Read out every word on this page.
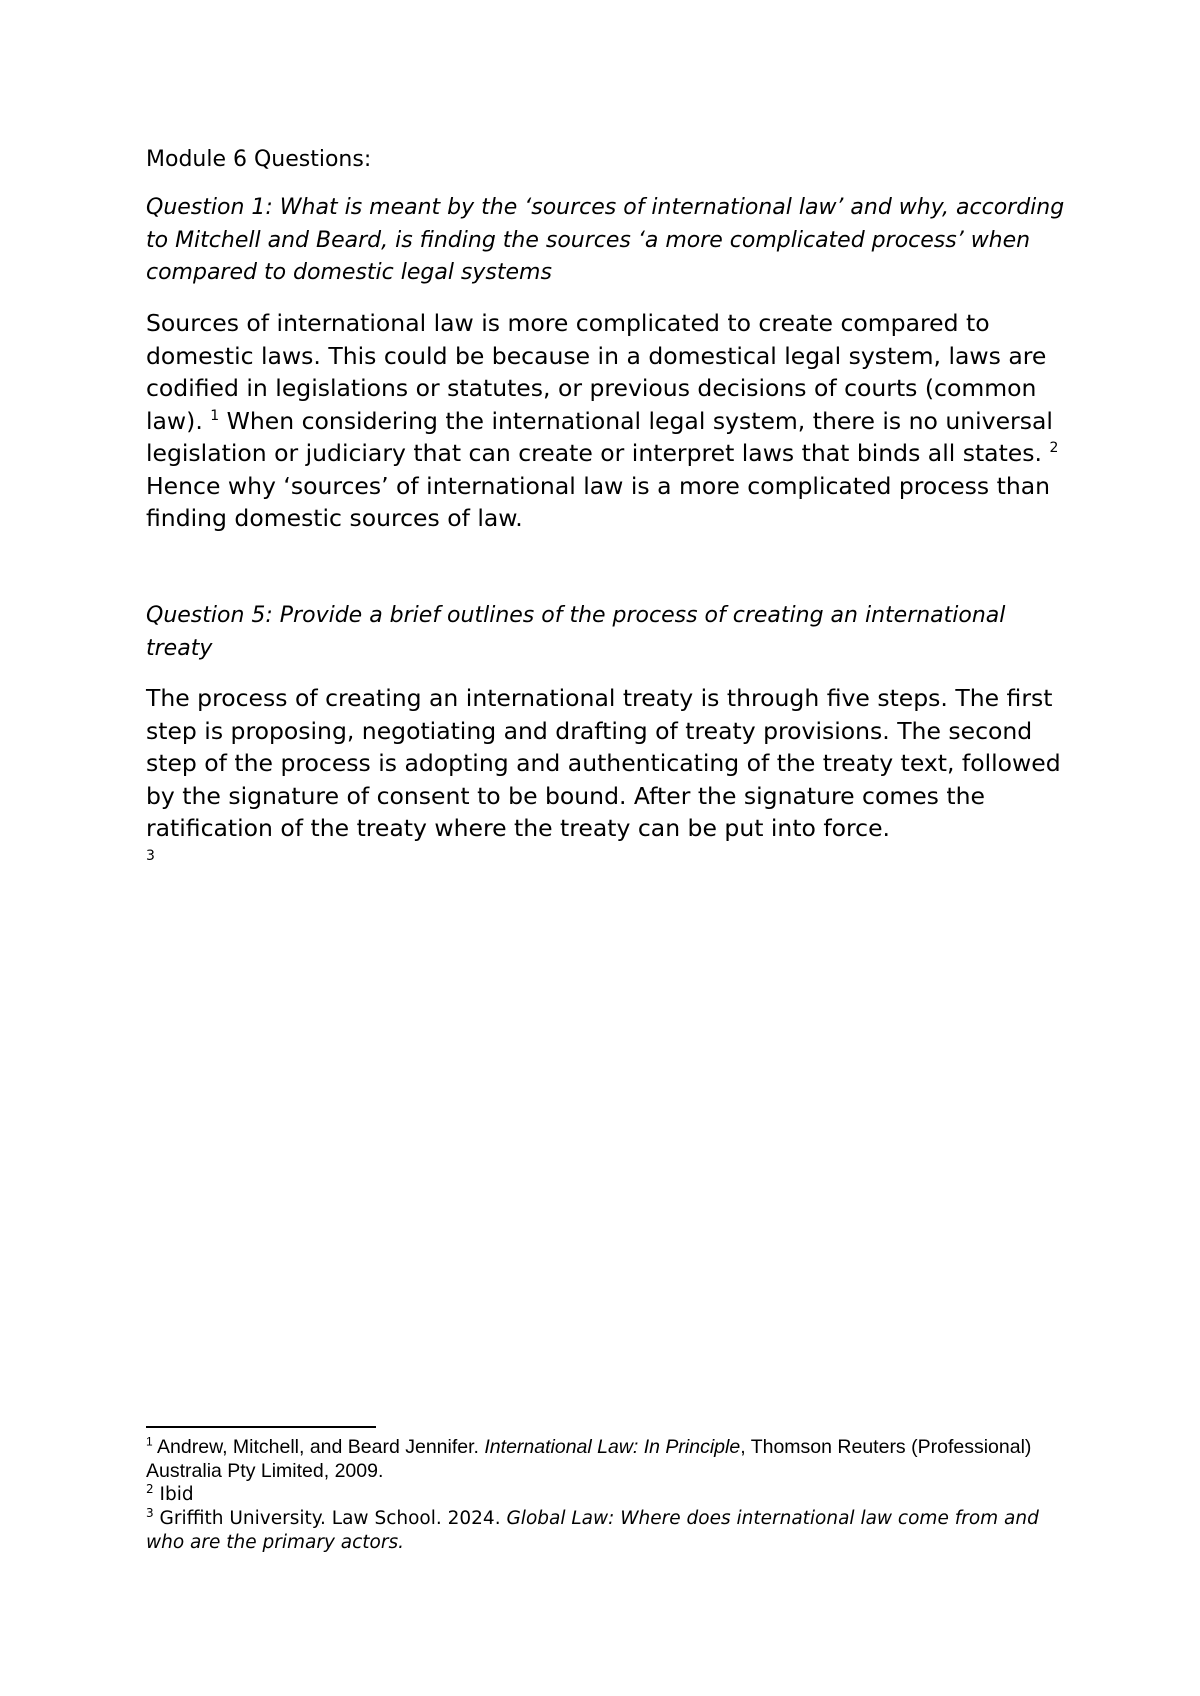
Module 6 Questions:

Question 1: What is meant by the ‘sources of international law’ and why, according to Mitchell and Beard, is finding the sources ‘a more complicated process’ when compared to domestic legal systems

Sources of international law is more complicated to create compared to domestic laws. This could be because in a domestical legal system, laws are codified in legislations or statutes, or previous decisions of courts (common law). $^1$ When considering the international legal system, there is no universal legislation or judiciary that can create or interpret laws that binds all states. $^2$ Hence why ‘sources’ of international law is a more complicated process than finding domestic sources of law.

Question 5: Provide a brief outlines of the process of creating an international treaty

The process of creating an international treaty is through five steps. The first step is proposing, negotiating and drafting of treaty provisions. The second step of the process is adopting and authenticating of the treaty text, followed by the signature of consent to be bound. After the signature comes the ratification of the treaty where the treaty can be put into force.
$^3$

$^1$ Andrew, Mitchell, and Beard Jennifer. International Law: In Principle, Thomson Reuters (Professional) Australia Pty Limited, 2009.

$^2$ Ibid

$^3$ Griffith University. Law School. 2024. Global Law: Where does international law come from and who are the primary actors.
